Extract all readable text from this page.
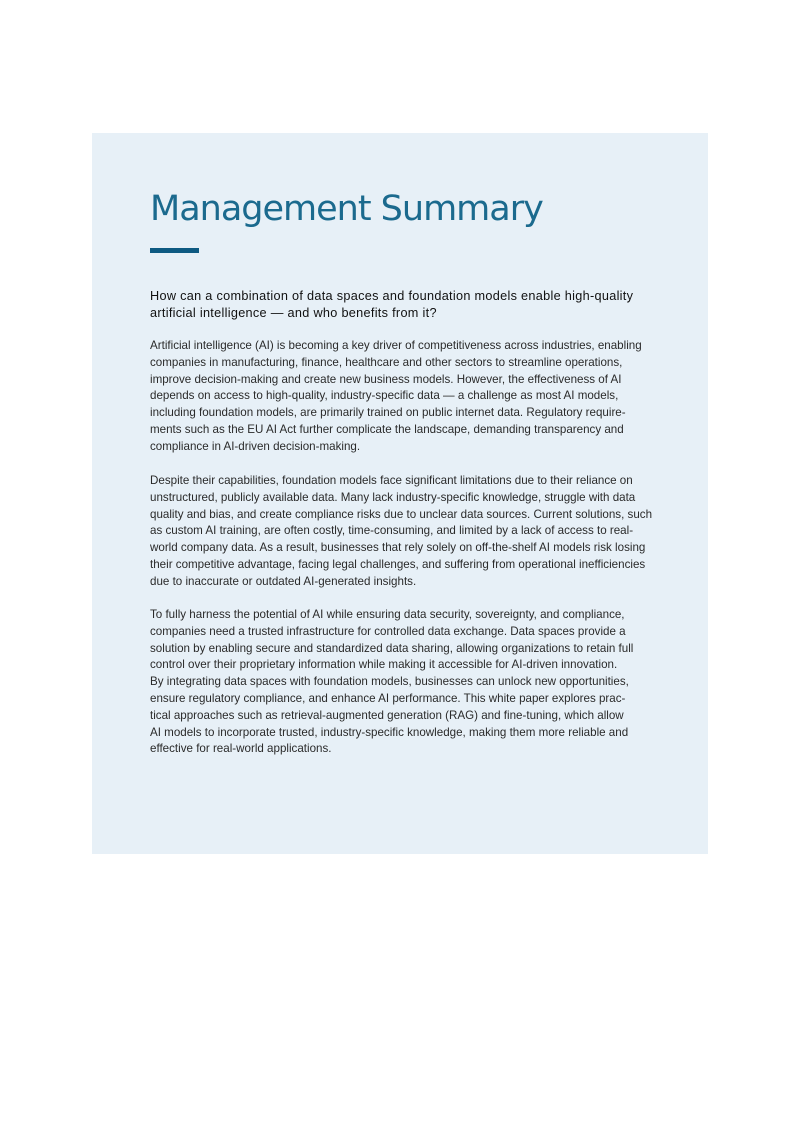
Management Summary

How can a combination of data spaces and foundation models enable high-quality
artificial intelligence — and who benefits from it?

Artificial intelligence (AI) is becoming a key driver of competitiveness across industries, enabling
companies in manufacturing, finance, healthcare and other sectors to streamline operations,
improve decision-making and create new business models. However, the effectiveness of AI
depends on access to high-quality, industry-specific data — a challenge as most AI models,
including foundation models, are primarily trained on public internet data. Regulatory require-
ments such as the EU AI Act further complicate the landscape, demanding transparency and
compliance in AI-driven decision-making.

Despite their capabilities, foundation models face significant limitations due to their reliance on
unstructured, publicly available data. Many lack industry-specific knowledge, struggle with data
quality and bias, and create compliance risks due to unclear data sources. Current solutions, such
as custom AI training, are often costly, time-consuming, and limited by a lack of access to real-
world company data. As a result, businesses that rely solely on off-the-shelf AI models risk losing
their competitive advantage, facing legal challenges, and suffering from operational inefficiencies
due to inaccurate or outdated AI-generated insights.

To fully harness the potential of AI while ensuring data security, sovereignty, and compliance,
companies need a trusted infrastructure for controlled data exchange. Data spaces provide a
solution by enabling secure and standardized data sharing, allowing organizations to retain full
control over their proprietary information while making it accessible for AI-driven innovation.
By integrating data spaces with foundation models, businesses can unlock new opportunities,
ensure regulatory compliance, and enhance AI performance. This white paper explores prac-
tical approaches such as retrieval-augmented generation (RAG) and fine-tuning, which allow
AI models to incorporate trusted, industry-specific knowledge, making them more reliable and
effective for real-world applications.
